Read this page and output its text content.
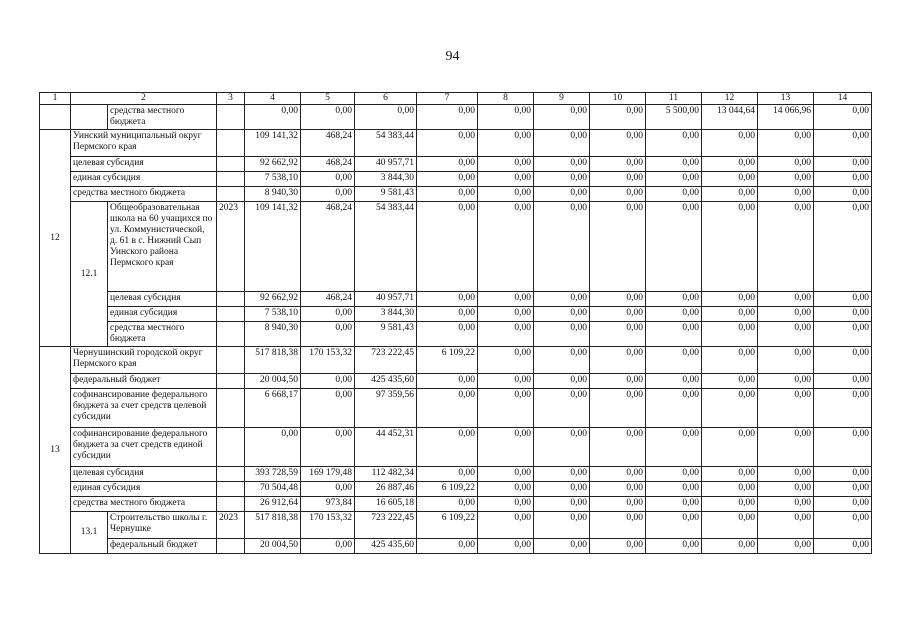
94
1	2		3	4	5	6	7	8	9	10	11	12	13	14
		средства местного бюджета		0,00	0,00	0,00	0,00	0,00	0,00	0,00	5 500,00	13 044,64	14 066,96	0,00
12	Уинский муниципальный округ Пермского края			109 141,32	468,24	54 383,44	0,00	0,00	0,00	0,00	0,00	0,00	0,00	0,00
	целевая субсидия			92 662,92	468,24	40 957,71	0,00	0,00	0,00	0,00	0,00	0,00	0,00	0,00
	единая субсидия			7 538,10	0,00	3 844,30	0,00	0,00	0,00	0,00	0,00	0,00	0,00	0,00
	средства местного бюджета			8 940,30	0,00	9 581,43	0,00	0,00	0,00	0,00	0,00	0,00	0,00	0,00
	12.1	Общеобразовательная школа на 60 учащихся по ул. Коммунистической, д. 61 в с. Нижний Сып Уинского района Пермского края	2023	109 141,32	468,24	54 383,44	0,00	0,00	0,00	0,00	0,00	0,00	0,00	0,00
		целевая субсидия		92 662,92	468,24	40 957,71	0,00	0,00	0,00	0,00	0,00	0,00	0,00	0,00
		единая субсидия		7 538,10	0,00	3 844,30	0,00	0,00	0,00	0,00	0,00	0,00	0,00	0,00
		средства местного бюджета		8 940,30	0,00	9 581,43	0,00	0,00	0,00	0,00	0,00	0,00	0,00	0,00
13	Чернушинский городской округ Пермского края			517 818,38	170 153,32	723 222,45	6 109,22	0,00	0,00	0,00	0,00	0,00	0,00	0,00
	федеральный бюджет			20 004,50	0,00	425 435,60	0,00	0,00	0,00	0,00	0,00	0,00	0,00	0,00
	софинансирование федерального бюджета за счет средств целевой субсидии			6 668,17	0,00	97 359,56	0,00	0,00	0,00	0,00	0,00	0,00	0,00	0,00
	софинансирование федерального бюджета за счет средств единой субсидии			0,00	0,00	44 452,31	0,00	0,00	0,00	0,00	0,00	0,00	0,00	0,00
	целевая субсидия			393 728,59	169 179,48	112 482,34	0,00	0,00	0,00	0,00	0,00	0,00	0,00	0,00
	единая субсидия			70 504,48	0,00	26 887,46	6 109,22	0,00	0,00	0,00	0,00	0,00	0,00	0,00
	средства местного бюджета			26 912,64	973,84	16 605,18	0,00	0,00	0,00	0,00	0,00	0,00	0,00	0,00
	13.1	Строительство школы г. Чернушке	2023	517 818,38	170 153,32	723 222,45	6 109,22	0,00	0,00	0,00	0,00	0,00	0,00	0,00
		федеральный бюджет		20 004,50	0,00	425 435,60	0,00	0,00	0,00	0,00	0,00	0,00	0,00	0,00
